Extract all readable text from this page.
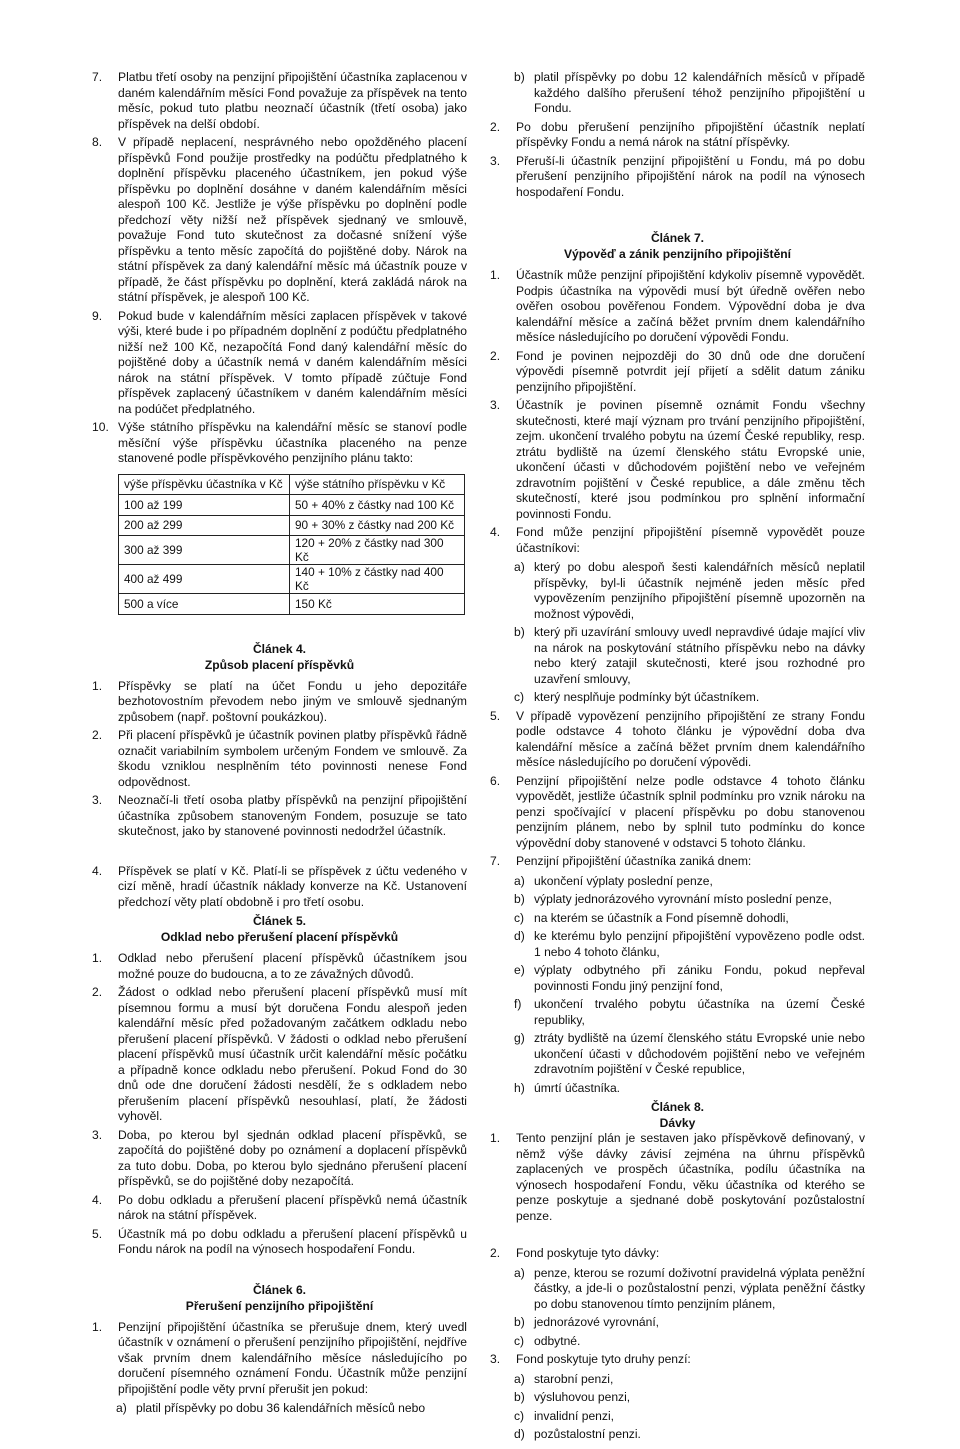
7. Platbu třetí osoby na penzijní připojištění účastníka zaplacenou v daném kalendářním měsíci Fond považuje za příspěvek na tento měsíc, pokud tuto platbu neoznačí účastník (třetí osoba) jako příspěvek na delší období.
8. V případě neplacení, nesprávného nebo opožděného placení příspěvků Fond použije prostředky na podúčtu předplatného k doplnění příspěvku placeného účastníkem, jen pokud výše příspěvku po doplnění dosáhne v daném kalendářním měsíci alespoň 100 Kč. Jestliže je výše příspěvku po doplnění podle předchozí věty nižší než příspěvek sjednaný ve smlouvě, považuje Fond tuto skutečnost za dočasné snížení výše příspěvku a tento měsíc započítá do pojištěné doby. Nárok na státní příspěvek za daný kalendářní měsíc má účastník pouze v případě, že část příspěvku po doplnění, která zakládá nárok na státní příspěvek, je alespoň 100 Kč.
9. Pokud bude v kalendářním měsíci zaplacen příspěvek v takové výši, které bude i po případném doplnění z podúčtu předplatného nižší než 100 Kč, nezapočítá Fond daný kalendářní měsíc do pojištěné doby a účastník nemá v daném kalendářním měsíci nárok na státní příspěvek. V tomto případě zúčtuje Fond příspěvek zaplacený účastníkem v daném kalendářním měsíci na podúčet předplatného.
10. Výše státního příspěvku na kalendářní měsíc se stanoví podle měsíční výše příspěvku účastníka placeného na penze stanovené podle příspěvkového penzijního plánu takto:
výše příspěvku účastníka v Kč	výše státního příspěvku v Kč
100 až 199	50 + 40% z částky nad 100 Kč
200 až 299	90 + 30% z částky nad 200 Kč
300 až 399	120 + 20% z částky nad 300 Kč
400 až 499	140 + 10% z částky nad 400 Kč
500 a více	150 Kč
Článek 4.
Způsob placení příspěvků
1. Příspěvky se platí na účet Fondu u jeho depozitáře bezhotovostním převodem nebo jiným ve smlouvě sjednaným způsobem (např. poštovní poukázkou).
2. Při placení příspěvků je účastník povinen platby příspěvků řádně označit variabilním symbolem určeným Fondem ve smlouvě. Za škodu vzniklou nesplněním této povinnosti nenese Fond odpovědnost.
3. Neoznačí-li třetí osoba platby příspěvků na penzijní připojištění účastníka způsobem stanoveným Fondem, posuzuje se tato skutečnost, jako by stanovené povinnosti nedodržel účastník.
4. Příspěvek se platí v Kč. Platí-li se příspěvek z účtu vedeného v cizí měně, hradí účastník náklady konverze na Kč. Ustanovení předchozí věty platí obdobně i pro třetí osobu.
Článek 5.
Odklad nebo přerušení placení příspěvků
1. Odklad nebo přerušení placení příspěvků účastníkem jsou možné pouze do budoucna, a to ze závažných důvodů.
2. Žádost o odklad nebo přerušení placení příspěvků musí mít písemnou formu a musí být doručena Fondu alespoň jeden kalendářní měsíc před požadovaným začátkem odkladu nebo přerušení placení příspěvků. V žádosti o odklad nebo přerušení placení příspěvků musí účastník určit kalendářní měsíc počátku a případně konce odkladu nebo přerušení. Pokud Fond do 30 dnů ode dne doručení žádosti nesdělí, že s odkladem nebo přerušením placení příspěvků nesouhlasí, platí, že žádosti vyhověl.
3. Doba, po kterou byl sjednán odklad placení příspěvků, se započítá do pojištěné doby po oznámení a doplacení příspěvků za tuto dobu. Doba, po kterou bylo sjednáno přerušení placení příspěvků, se do pojištěné doby nezapočítá.
4. Po dobu odkladu a přerušení placení příspěvků nemá účastník nárok na státní příspěvek.
5. Účastník má po dobu odkladu a přerušení placení příspěvků u Fondu nárok na podíl na výnosech hospodaření Fondu.
Článek 6.
Přerušení penzijního připojištění
1. Penzijní připojištění účastníka se přerušuje dnem, který uvedl účastník v oznámení o přerušení penzijního připojištění, nejdříve však prvním dnem kalendářního měsíce následujícího po doručení písemného oznámení Fondu. Účastník může penzijní připojištění podle věty první přerušit jen pokud:
a) platil příspěvky po dobu 36 kalendářních měsíců nebo
b) platil příspěvky po dobu 12 kalendářních měsíců v případě každého dalšího přerušení téhož penzijního připojištění u Fondu.
2. Po dobu přerušení penzijního připojištění účastník neplatí příspěvky Fondu a nemá nárok na státní příspěvky.
3. Přeruší-li účastník penzijní připojištění u Fondu, má po dobu přerušení penzijního připojištění nárok na podíl na výnosech hospodaření Fondu.
Článek 7.
Výpověď a zánik penzijního připojištění
1. Účastník může penzijní připojištění kdykoliv písemně vypovědět. Podpis účastníka na výpovědi musí být úředně ověřen nebo ověřen osobou pověřenou Fondem. Výpovědní doba je dva kalendářní měsíce a začíná běžet prvním dnem kalendářního měsíce následujícího po doručení výpovědi Fondu.
2. Fond je povinen nejpozději do 30 dnů ode dne doručení výpovědi písemně potvrdit její přijetí a sdělit datum zániku penzijního připojištění.
3. Účastník je povinen písemně oznámit Fondu všechny skutečnosti, které mají význam pro trvání penzijního připojištění, zejm. ukončení trvalého pobytu na území České republiky, resp. ztrátu bydliště na území členského státu Evropské unie, ukončení účasti v důchodovém pojištění nebo ve veřejném zdravotním pojištění v České republice, a dále změnu těch skutečností, které jsou podmínkou pro splnění informační povinnosti Fondu.
4. Fond může penzijní připojištění písemně vypovědět pouze účastníkovi:
a) který po dobu alespoň šesti kalendářních měsíců neplatil příspěvky, byl-li účastník nejméně jeden měsíc před vypovězením penzijního připojištění písemně upozorněn na možnost výpovědi,
b) který při uzavírání smlouvy uvedl nepravdivé údaje mající vliv na nárok na poskytování státního příspěvku nebo na dávky nebo který zatajil skutečnosti, které jsou rozhodné pro uzavření smlouvy,
c) který nesplňuje podmínky být účastníkem.
5. V případě vypovězení penzijního připojištění ze strany Fondu podle odstavce 4 tohoto článku je výpovědní doba dva kalendářní měsíce a začíná běžet prvním dnem kalendářního měsíce následujícího po doručení výpovědi.
6. Penzijní připojištění nelze podle odstavce 4 tohoto článku vypovědět, jestliže účastník splnil podmínku pro vznik nároku na penzi spočívající v placení příspěvku po dobu stanovenou penzijním plánem, nebo by splnil tuto podmínku do konce výpovědní doby stanovené v odstavci 5 tohoto článku.
7. Penzijní připojištění účastníka zaniká dnem:
a) ukončení výplaty poslední penze,
b) výplaty jednorázového vyrovnání místo poslední penze,
c) na kterém se účastník a Fond písemně dohodli,
d) ke kterému bylo penzijní připojištění vypovězeno podle odst. 1 nebo 4 tohoto článku,
e) výplaty odbytného při zániku Fondu, pokud nepřeval povinnosti Fondu jiný penzijní fond,
f) ukončení trvalého pobytu účastníka na území České republiky,
g) ztráty bydliště na území členského státu Evropské unie nebo ukončení účasti v důchodovém pojištění nebo ve veřejném zdravotním pojištění v České republice,
h) úmrtí účastníka.
Článek 8.
Dávky
1. Tento penzijní plán je sestaven jako příspěvkově definovaný, v němž výše dávky závisí zejména na úhrnu příspěvků zaplacených ve prospěch účastníka, podílu účastníka na výnosech hospodaření Fondu, věku účastníka od kterého se penze poskytuje a sjednané době poskytování pozůstalostní penze.
2. Fond poskytuje tyto dávky:
a) penze, kterou se rozumí doživotní pravidelná výplata peněžní částky, a jde-li o pozůstalostní penzi, výplata peněžní částky po dobu stanovenou tímto penzijním plánem,
b) jednorázové vyrovnání,
c) odbytné.
3. Fond poskytuje tyto druhy penzí:
a) starobní penzi,
b) výsluhovou penzi,
c) invalidní penzi,
d) pozůstalostní penzi.
